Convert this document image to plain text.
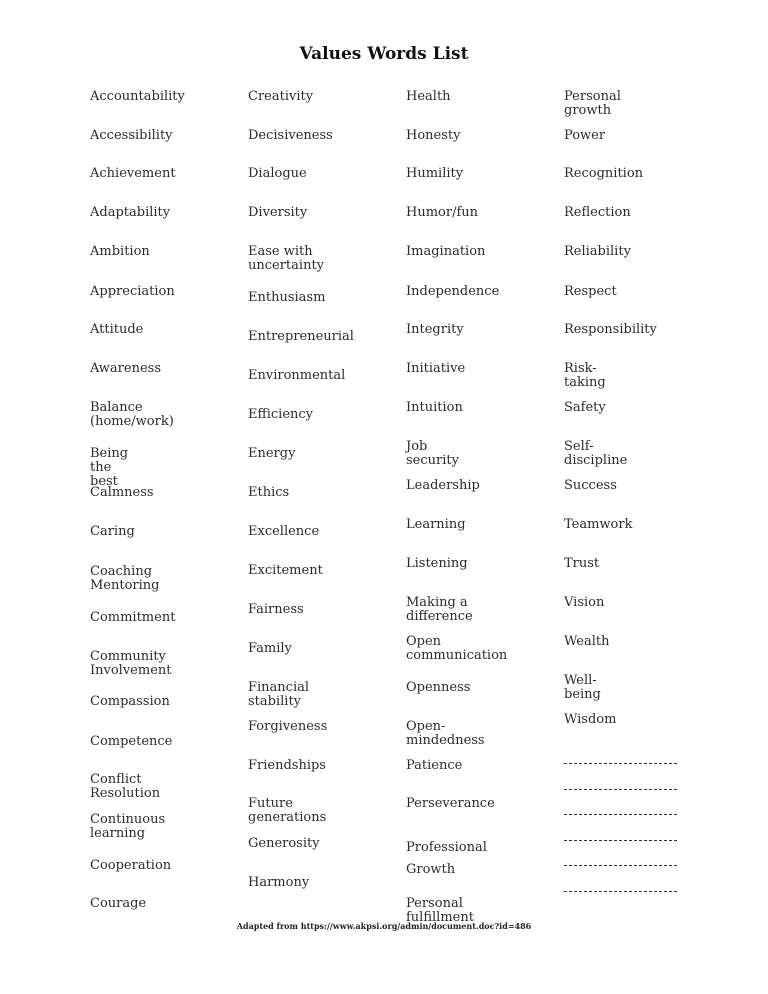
Values Words List
Accountability
Accessibility
Achievement
Adaptability
Ambition
Appreciation
Attitude
Awareness
Balance
(home/work)
Being the best
Calmness
Caring
Coaching
Mentoring
Commitment
Community
Involvement
Compassion
Competence
Conflict Resolution
Continuous
learning
Cooperation
Courage
Creativity
Decisiveness
Dialogue
Diversity
Ease with
uncertainty
Enthusiasm
Entrepreneurial
Environmental
Efficiency
Energy
Ethics
Excellence
Excitement
Fairness
Family
Financial stability
Forgiveness
Friendships
Future generations
Generosity
Harmony
Health
Honesty
Humility
Humor/fun
Imagination
Independence
Integrity
Initiative
Intuition
Job security
Leadership
Learning
Listening
Making a difference
Open
communication
Openness
Open-mindedness
Patience
Perseverance
Professional
Growth
Personal fulfillment
Personal growth
Power
Recognition
Reflection
Reliability
Respect
Responsibility
Risk-taking
Safety
Self-discipline
Success
Teamwork
Trust
Vision
Wealth
Well-being
Wisdom
Adapted from https://www.akpsi.org/admin/document.doc?id=486
